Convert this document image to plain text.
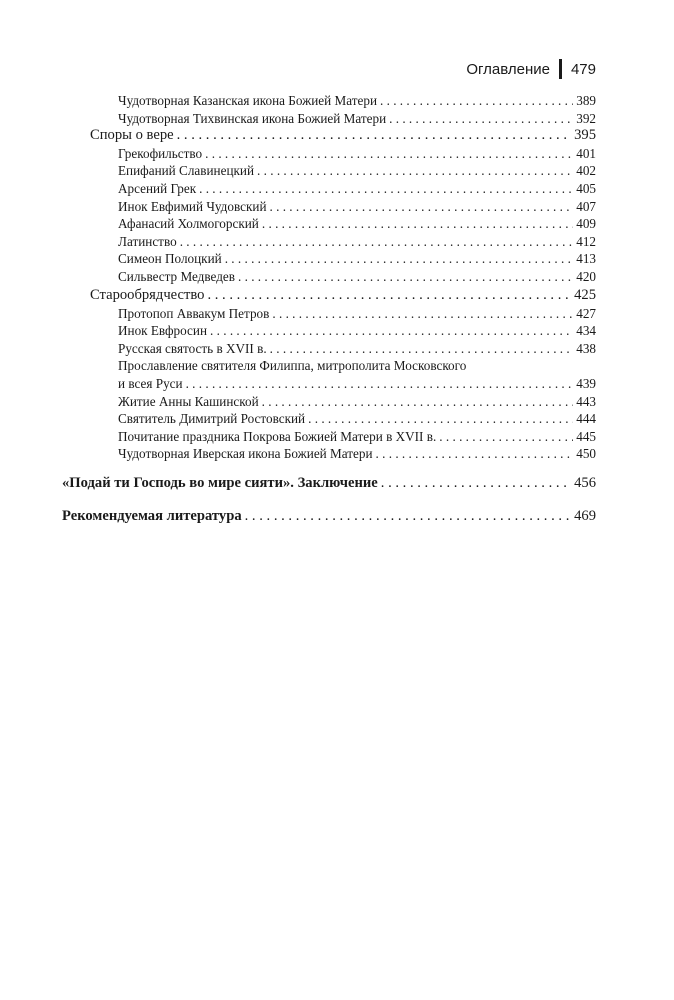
Оглавление 479
Чудотворная Казанская икона Божией Матери . . .	389
Чудотворная Тихвинская икона Божией Матери . . .	392
Споры о вере . . .	395
Грекофильство . . .	401
Епифаний Славинецкий . . .	402
Арсений Грек . . .	405
Инок Евфимий Чудовский . . .	407
Афанасий Холмогорский . . .	409
Латинство . . .	412
Симеон Полоцкий . . .	413
Сильвестр Медведев . . .	420
Старообрядчество . . .	425
Протопоп Аввакум Петров . . .	427
Инок Евфросин . . .	434
Русская святость в XVII в. . . .	438
Прославление святителя Филиппа, митрополита Московского
и всея Руси . . .	439
Житие Анны Кашинской . . .	443
Святитель Димитрий Ростовский . . .	444
Почитание праздника Покрова Божией Матери в XVII в. . . .	445
Чудотворная Иверская икона Божией Матери . . .	450
«Подай ти Господь во мире сияти». Заключение . . .	456
Рекомендуемая литература . . .	469
